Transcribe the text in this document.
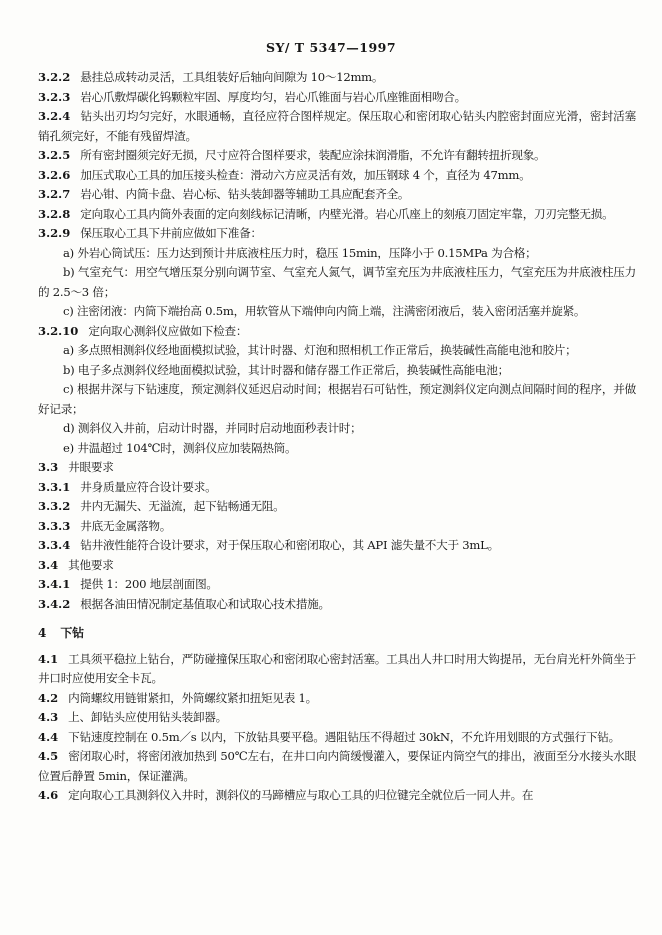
SY/ T 5347—1997

3.2.2 悬挂总成转动灵活，工具组装好后轴向间隙为 10～12mm。

3.2.3 岩心爪敷焊碳化钨颗粒牢固、厚度均匀，岩心爪锥面与岩心爪座锥面相吻合。

3.2.4 钻头出刃均匀完好，水眼通畅，直径应符合图样规定。保压取心和密闭取心钻头内腔密封面应光滑，密封活塞销孔须完好，不能有残留焊渣。

3.2.5 所有密封圈须完好无损，尺寸应符合图样要求，装配应涂抹润滑脂，不允许有翻转扭折现象。

3.2.6 加压式取心工具的加压接头检查：滑动六方应灵活有效，加压钢球 4 个，直径为 47mm。

3.2.7 岩心钳、内筒卡盘、岩心标、钻头装卸器等辅助工具应配套齐全。

3.2.8 定向取心工具内筒外表面的定向刻线标记清晰，内壁光滑。岩心爪座上的刻痕刀固定牢靠，刀刃完整无损。

3.2.9 保压取心工具下井前应做如下准备：

a) 外岩心筒试压：压力达到预计井底液柱压力时，稳压 15min，压降小于 0.15MPa 为合格；

b) 气室充气：用空气增压泵分别向调节室、气室充人氮气，调节室充压为井底液柱压力，气室充压为井底液柱压力的 2.5～3 倍；

c) 注密闭液：内筒下端抬高 0.5m，用软管从下端伸向内筒上端，注满密闭液后，装入密闭活塞并旋紧。

3.2.10 定向取心测斜仪应做如下检查：

a) 多点照相测斜仪经地面模拟试验，其计时器、灯泡和照相机工作正常后，换装碱性高能电池和胶片；

b) 电子多点测斜仪经地面模拟试验，其计时器和储存器工作正常后，换装碱性高能电池；

c) 根据井深与下钻速度，预定测斜仪延迟启动时间；根据岩石可钻性，预定测斜仪定向测点间隔时间的程序，并做好记录；

d) 测斜仪入井前，启动计时器，并同时启动地面秒表计时；

e) 井温超过 104℃时，测斜仪应加装隔热筒。

3.3 井眼要求

3.3.1 井身质量应符合设计要求。

3.3.2 井内无漏失、无溢流，起下钻畅通无阻。

3.3.3 井底无金属落物。

3.3.4 钻井液性能符合设计要求，对于保压取心和密闭取心，其 API 滤失量不大于 3mL。

3.4 其他要求

3.4.1 提供 1：200 地层剖面图。

3.4.2 根据各油田情况制定基值取心和试取心技术措施。

4 下钻

4.1 工具须平稳拉上钻台，严防碰撞保压取心和密闭取心密封活塞。工具出人井口时用大钩提吊，无台肩光杆外筒坐于井口时应使用安全卡瓦。

4.2 内筒螺纹用链钳紧扣，外筒螺纹紧扣扭矩见表 1。

4.3 上、卸钻头应使用钻头装卸器。

4.4 下钻速度控制在 0.5m／s 以内，下放钻具要平稳。遇阻钻压不得超过 30kN，不允许用划眼的方式强行下钻。

4.5 密闭取心时，将密闭液加热到 50℃左右，在井口向内筒缓慢灌入，要保证内筒空气的排出，液面至分水接头水眼位置后静置 5min，保证灌满。

4.6 定向取心工具测斜仪入井时，测斜仪的马蹄槽应与取心工具的归位键完全就位后一同人井。在
